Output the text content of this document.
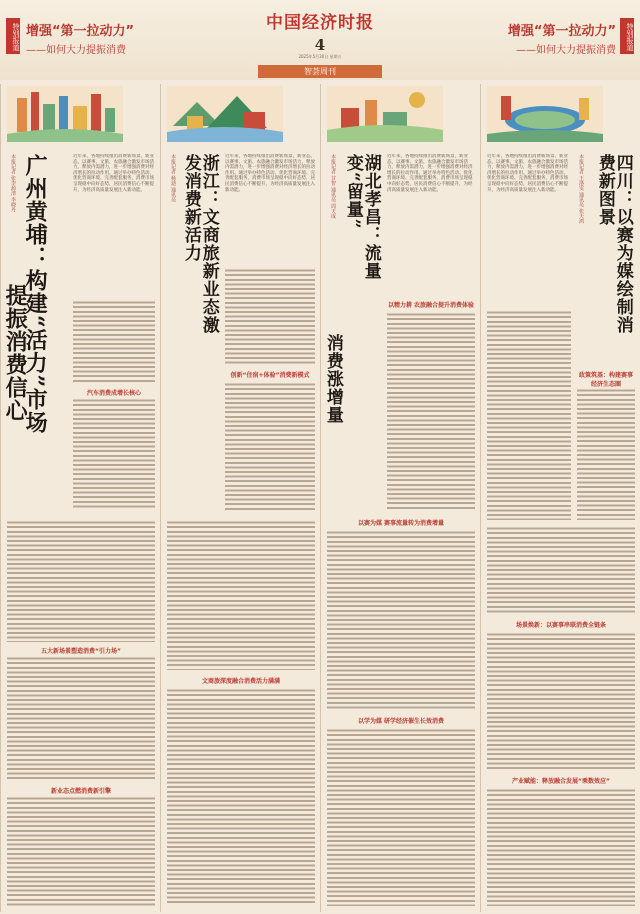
特别报道 增强“第一拉动力”
——如何大力提振消费
中国经济时报
4
2025年5月30日 星期五
智荟周刊
增强“第一拉动力”
——如何大力提振消费	特别报道
本报记者 张李源清 李晓丹 广州黄埔：构建“活力”市场
提振消费信心
近年来，各地持续推出消费新场景、新业态，以赛事、文旅、农旅融合激发市场活力，释放内需潜力，进一步增强消费对经济增长的拉动作用。通过举办特色活动、优化营商环境、完善配套服务，消费市场呈现稳中向好态势，居民消费信心不断提升，为经济高质量发展注入新动能。
汽车消费成增长核心
五大新场景塑造消费“引力场”
新业态点燃消费新引擎
本报记者 杨迪 通讯员	浙江：文商旅新业态激发消费新活力	近年来，各地持续推出消费新场景、新业态，以赛事、文旅、农旅融合激发市场活力，释放内需潜力，进一步增强消费对经济增长的拉动作用。通过举办特色活动、优化营商环境、完善配套服务，消费市场呈现稳中向好态势，居民消费信心不断提升，为经济高质量发展注入新动能。
创新“住宿+体验”消费新模式
文商旅深度融合消费活力满满
本报记者 甘智 通讯员 周天成	湖北孝昌：流量变“留量”
消费涨增量
近年来，各地持续推出消费新场景、新业态，以赛事、文旅、农旅融合激发市场活力，释放内需潜力，进一步增强消费对经济增长的拉动作用。通过举办特色活动、优化营商环境、完善配套服务，消费市场呈现稳中向好态势，居民消费信心不断提升，为经济高质量发展注入新动能。
以精力耕 农旅融合提升消费体验
以赛为媒 赛事流量转为消费增量
以学为媒 研学经济催生长效消费
近年来，各地持续推出消费新场景、新业态，以赛事、文旅、农旅融合激发市场活力，释放内需潜力，进一步增强消费对经济增长的拉动作用。通过举办特色活动、优化营商环境、完善配套服务，消费市场呈现稳中向好态势，居民消费信心不断提升，为经济高质量发展注入新动能。	本报记者 王洛雯 通讯员 张天鸿	四川：以赛为媒绘制消费新图景
政策筑基：构建赛事经济生态圈
场景焕新：以赛事串联消费全链条
产业赋能：释放融合发展“乘数效应”
